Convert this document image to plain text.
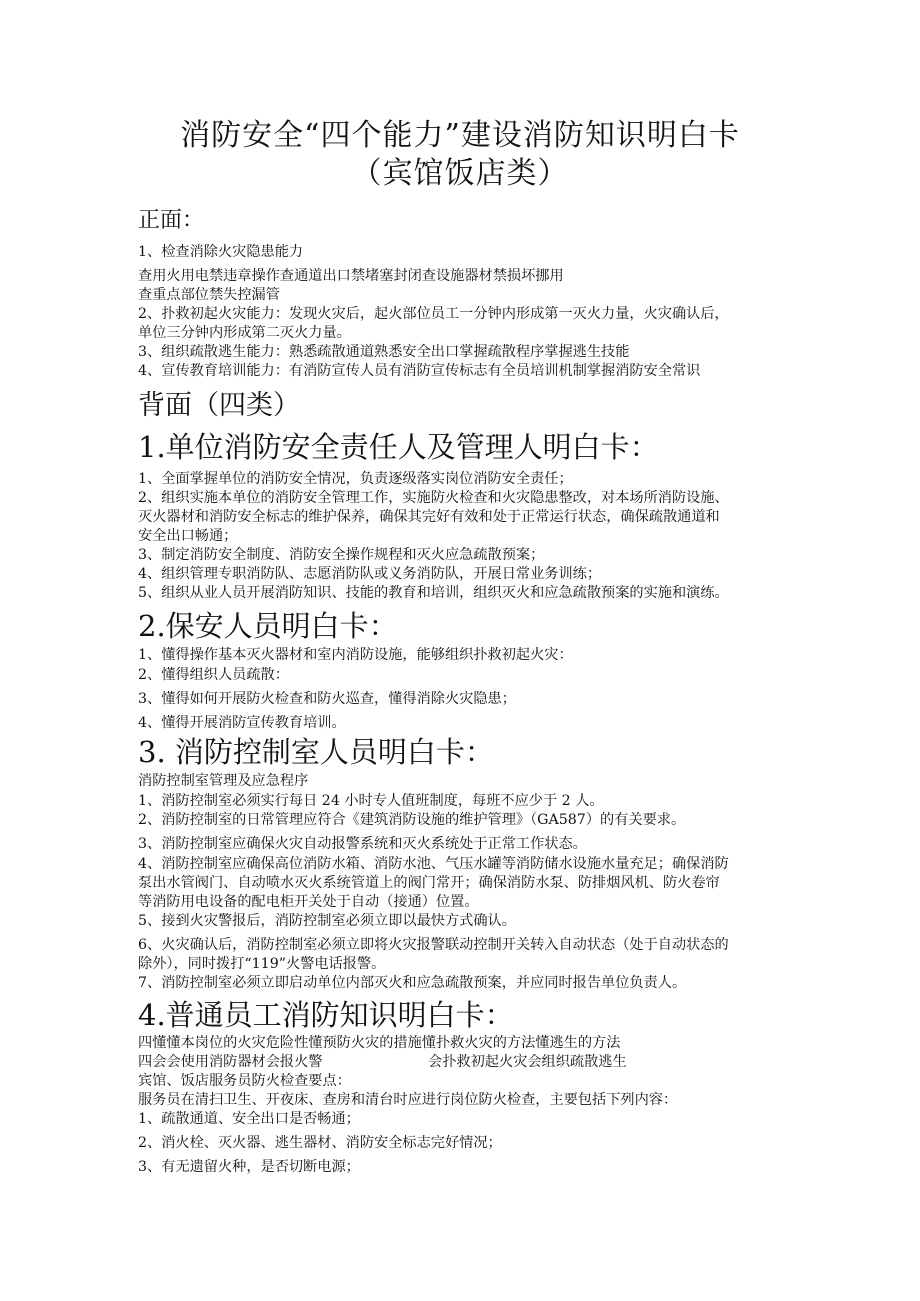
消防安全“四个能力”建设消防知识明白卡
（宾馆饭店类）
正面：
1、检查消除火灾隐患能力
查用火用电禁违章操作查通道出口禁堵塞封闭查设施器材禁损坏挪用
查重点部位禁失控漏管
2、扑救初起火灾能力：发现火灾后，起火部位员工一分钟内形成第一灭火力量，火灾确认后，
单位三分钟内形成第二灭火力量。
3、组织疏散逃生能力：熟悉疏散通道熟悉安全出口掌握疏散程序掌握逃生技能
4、宣传教育培训能力：有消防宣传人员有消防宣传标志有全员培训机制掌握消防安全常识
背面（四类）
1.单位消防安全责任人及管理人明白卡：
1、全面掌握单位的消防安全情况，负责逐级落实岗位消防安全责任；
2、组织实施本单位的消防安全管理工作，实施防火检查和火灾隐患整改，对本场所消防设施、
灭火器材和消防安全标志的维护保养，确保其完好有效和处于正常运行状态，确保疏散通道和
安全出口畅通；
3、制定消防安全制度、消防安全操作规程和灭火应急疏散预案；
4、组织管理专职消防队、志愿消防队或义务消防队，开展日常业务训练；
5、组织从业人员开展消防知识、技能的教育和培训，组织灭火和应急疏散预案的实施和演练。
2.保安人员明白卡：
1、懂得操作基本灭火器材和室内消防设施，能够组织扑救初起火灾：
2、懂得组织人员疏散：
3、懂得如何开展防火检查和防火巡查，懂得消除火灾隐患；
4、懂得开展消防宣传教育培训。
3. 消防控制室人员明白卡：
消防控制室管理及应急程序
1、消防控制室必须实行每日 24 小时专人值班制度，每班不应少于 2 人。
2、消防控制室的日常管理应符合《建筑消防设施的维护管理》（GA587）的有关要求。
3、消防控制室应确保火灾自动报警系统和灭火系统处于正常工作状态。
4、消防控制室应确保高位消防水箱、消防水池、气压水罐等消防储水设施水量充足；确保消防
泵出水管阀门、自动喷水灭火系统管道上的阀门常开；确保消防水泵、防排烟风机、防火卷帘
等消防用电设备的配电柜开关处于自动（接通）位置。
5、接到火灾警报后，消防控制室必须立即以最快方式确认。
6、火灾确认后，消防控制室必须立即将火灾报警联动控制开关转入自动状态（处于自动状态的
除外），同时拨打“119”火警电话报警。
7、消防控制室必须立即启动单位内部灭火和应急疏散预案，并应同时报告单位负责人。
4.普通员工消防知识明白卡：
四懂懂本岗位的火灾危险性懂预防火灾的措施懂扑救火灾的方法懂逃生的方法
四会会使用消防器材会报火警	会扑救初起火灾会组织疏散逃生
宾馆、饭店服务员防火检查要点：
服务员在清扫卫生、开夜床、查房和清台时应进行岗位防火检查，主要包括下列内容：
1、疏散通道、安全出口是否畅通；
2、消火栓、灭火器、逃生器材、消防安全标志完好情况；
3、有无遗留火种，是否切断电源；
